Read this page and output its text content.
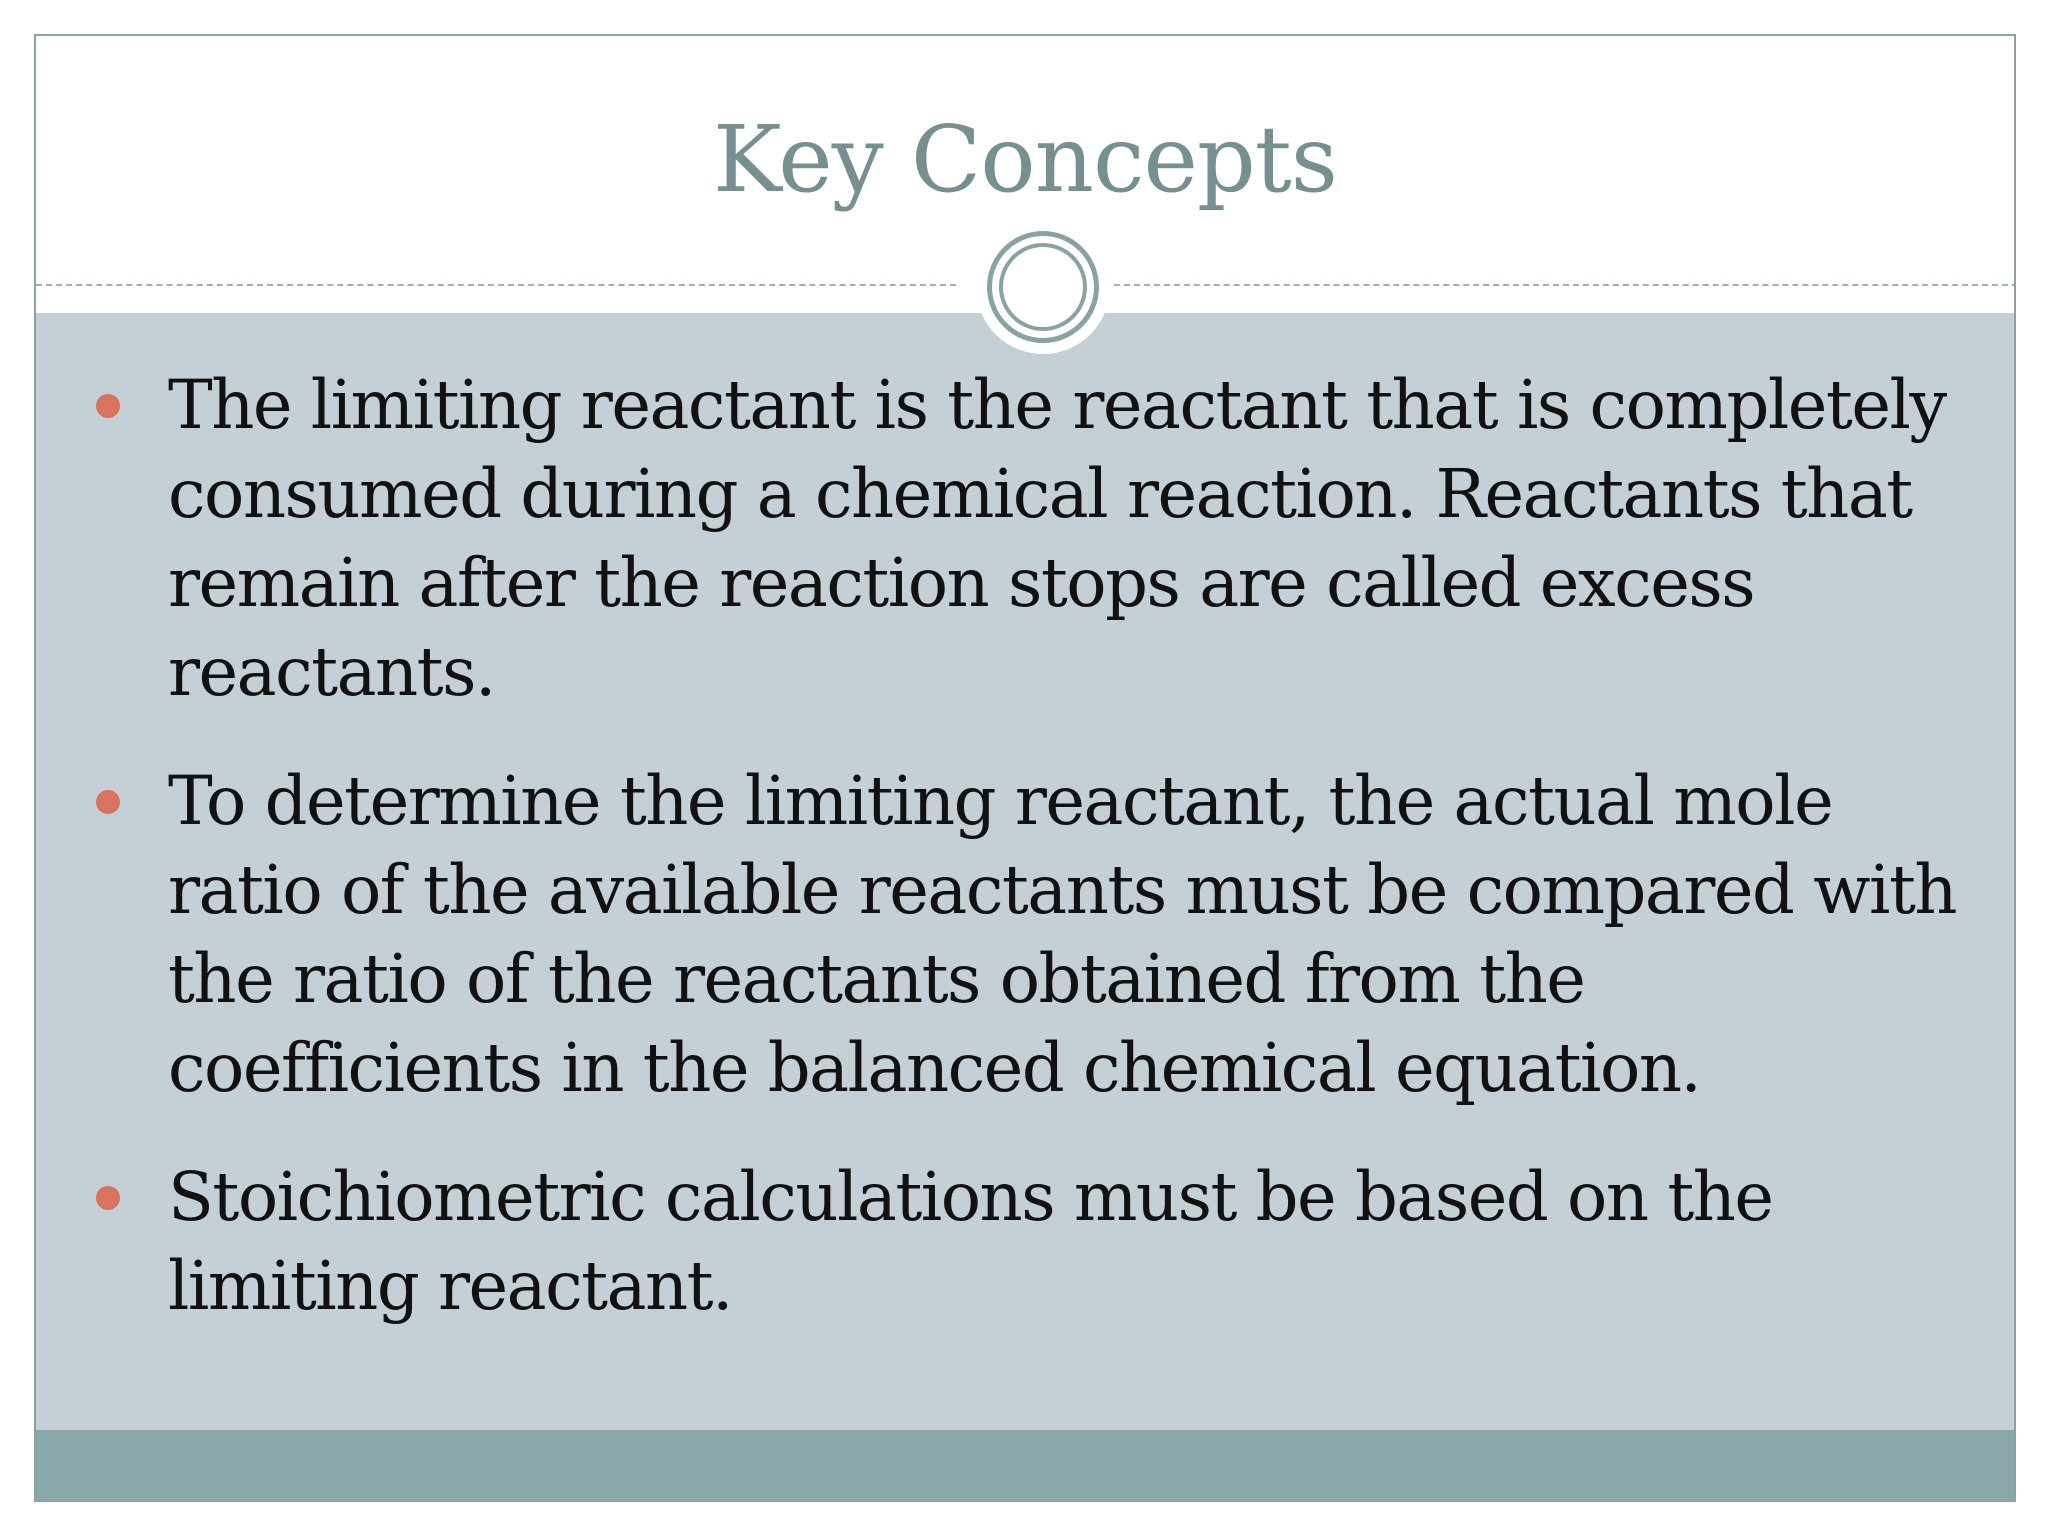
Key Concepts
The limiting reactant is the reactant that is completely consumed during a chemical reaction. Reactants that remain after the reaction stops are called excess reactants.
To determine the limiting reactant, the actual mole ratio of the available reactants must be compared with the ratio of the reactants obtained from the coefficients in the balanced chemical equation.
Stoichiometric calculations must be based on the limiting reactant.
